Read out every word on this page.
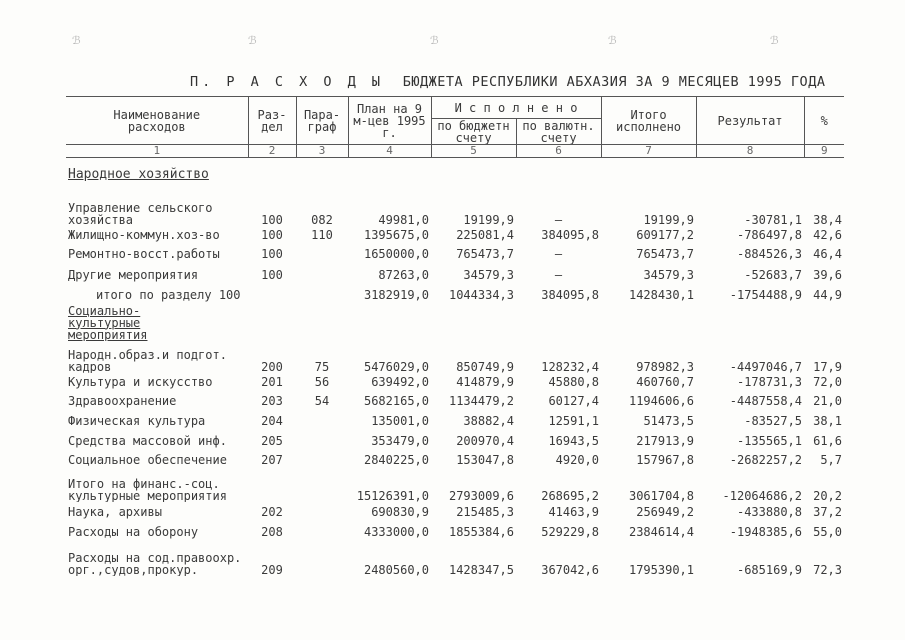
ℬ	ℬ	ℬ	ℬ	ℬ
П. Р А С Х О Д Ы БЮДЖЕТА РЕСПУБЛИКИ АБХАЗИЯ ЗА 9 МЕСЯЦЕВ 1995 ГОДА
Наименование расходов	Раз-дел	Пара-граф	План на 9 м-цев 1995 г.	И с п о л н е н о		Итого исполнено	Результат	%
				по бюджетн счету	по валютн. счету			
1	2	3	4	5	6	7	8	9
Народное хозяйство								
Управление сельского хозяйства	100	082	49981,0	19199,9	–	19199,9	-30781,1	38,4
Жилищно-коммун.хоз-во	100	110	1395675,0	225081,4	384095,8	609177,2	-786497,8	42,6
Ремонтно-восст.работы	100		1650000,0	765473,7	–	765473,7	-884526,3	46,4
Другие мероприятия	100		87263,0	34579,3	–	34579,3	-52683,7	39,6
итого по разделу 100			3182919,0	1044334,3	384095,8	1428430,1	-1754488,9	44,9
Социально-культурные мероприятия								
Народн.образ.и подгот. кадров	200	75	5476029,0	850749,9	128232,4	978982,3	-4497046,7	17,9
Культура и искусство	201	56	639492,0	414879,9	45880,8	460760,7	-178731,3	72,0
Здравоохранение	203	54	5682165,0	1134479,2	60127,4	1194606,6	-4487558,4	21,0
Физическая культура	204		135001,0	38882,4	12591,1	51473,5	-83527,5	38,1
Средства массовой инф.	205		353479,0	200970,4	16943,5	217913,9	-135565,1	61,6
Социальное обеспечение	207		2840225,0	153047,8	4920,0	157967,8	-2682257,2	5,7
Итого на финанс.-соц. культурные мероприятия			15126391,0	2793009,6	268695,2	3061704,8	-12064686,2	20,2
Наука, архивы	202		690830,9	215485,3	41463,9	256949,2	-433880,8	37,2
Расходы на оборону	208		4333000,0	1855384,6	529229,8	2384614,4	-1948385,6	55,0
Расходы на сод.правоохр. орг.,судов,прокур.	209		2480560,0	1428347,5	367042,6	1795390,1	-685169,9	72,3
